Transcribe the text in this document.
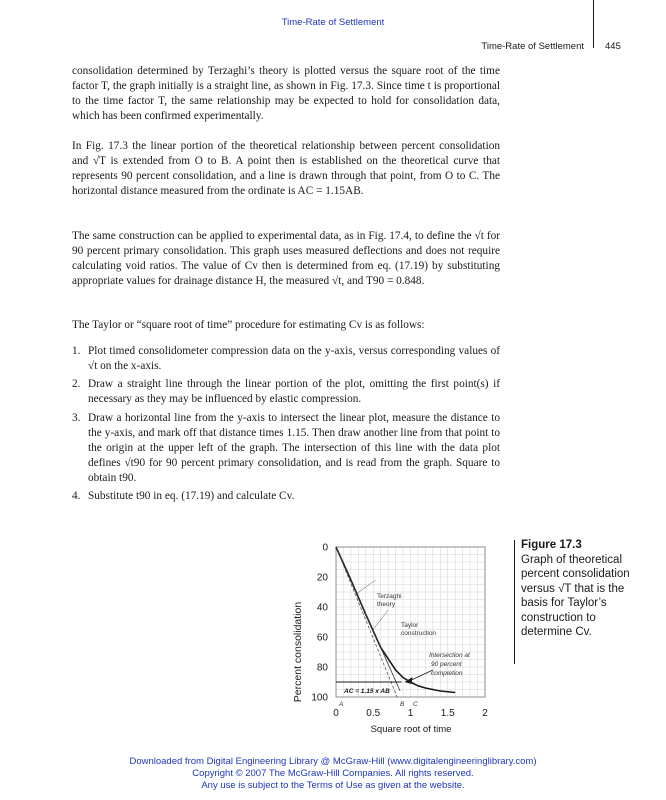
Time-Rate of Settlement
Time-Rate of Settlement 445

consolidation determined by Terzaghi’s theory is plotted versus the square root of the time factor T, the graph initially is a straight line, as shown in Fig. 17.3. Since time t is proportional to the time factor T, the same relationship may be expected to hold for consolidation data, which has been confirmed experimentally.

In Fig. 17.3 the linear portion of the theoretical relationship between percent consolidation and √T is extended from O to B. A point then is established on the theoretical curve that represents 90 percent consolidation, and a line is drawn through that point, from O to C. The horizontal distance measured from the ordinate is AC = 1.15AB.

The same construction can be applied to experimental data, as in Fig. 17.4, to define the √t for 90 percent primary consolidation. This graph uses measured deflections and does not require calculating void ratios. The value of Cv then is determined from eq. (17.19) by substituting appropriate values for drainage distance H, the measured √t, and T90 = 0.848.

The Taylor or “square root of time” procedure for estimating Cv is as follows:

1. Plot timed consolidometer compression data on the y-axis, versus corresponding values of √t on the x-axis.
2. Draw a straight line through the linear portion of the plot, omitting the first point(s) if necessary as they may be influenced by elastic compression.
3. Draw a horizontal line from the y-axis to intersect the linear plot, measure the distance to the y-axis, and mark off that distance times 1.15. Then draw another line from that point to the origin at the upper left of the graph. The intersection of this line with the data plot defines √t90 for 90 percent primary consolidation, and is read from the graph. Square to obtain t90.
4. Substitute t90 in eq. (17.19) and calculate Cv.
0
20
40
60
80
100
0	0.5	1	1.5	2
Percent consolidation
Square root of time
Terzaghi
theory
Taylor
construction
Intersection at
90 percent
completion
AC = 1.15 x AB
A	B C
Figure 17.3
Graph of theoretical percent consolidation versus √T that is the basis for Taylor’s construction to determine Cv.
Downloaded from Digital Engineering Library @ McGraw-Hill (www.digitalengineeringlibrary.com)
Copyright © 2007 The McGraw-Hill Companies. All rights reserved.
Any use is subject to the Terms of Use as given at the website.
